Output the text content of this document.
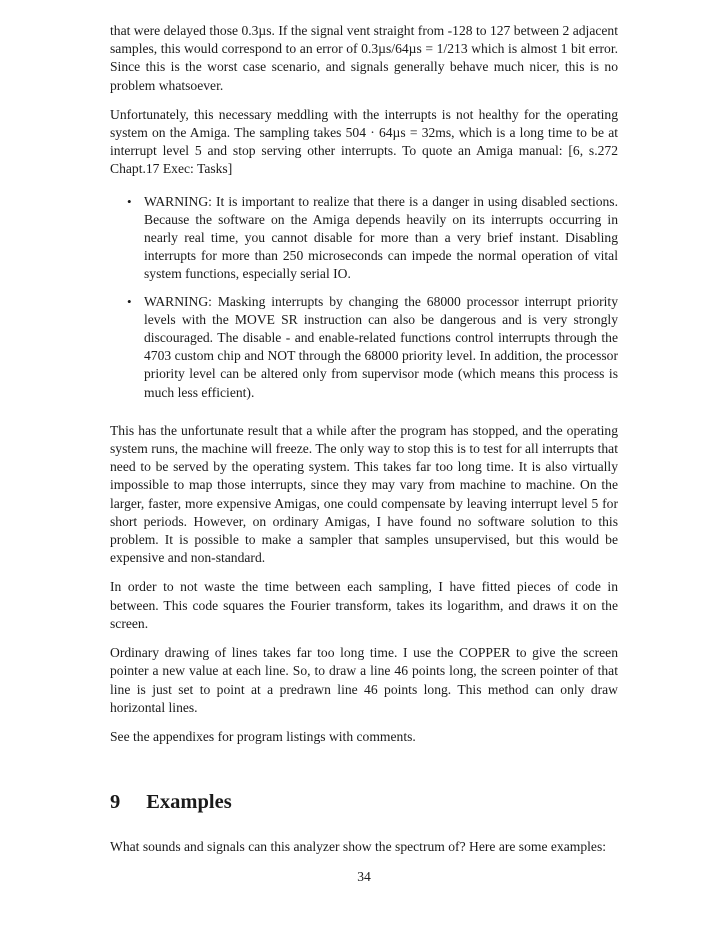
that were delayed those 0.3µs. If the signal vent straight from -128 to 127 between 2 adjacent samples, this would correspond to an error of 0.3µs/64µs = 1/213 which is almost 1 bit error. Since this is the worst case scenario, and signals generally behave much nicer, this is no problem whatsoever.

Unfortunately, this necessary meddling with the interrupts is not healthy for the operating system on the Amiga. The sampling takes 504 · 64µs = 32ms, which is a long time to be at interrupt level 5 and stop serving other interrupts. To quote an Amiga manual: [6, s.272 Chapt.17 Exec: Tasks]

• WARNING: It is important to realize that there is a danger in using disabled sections. Because the software on the Amiga depends heavily on its interrupts occurring in nearly real time, you cannot disable for more than a very brief instant. Disabling interrupts for more than 250 microseconds can impede the normal operation of vital system functions, especially serial IO.
• WARNING: Masking interrupts by changing the 68000 processor interrupt priority levels with the MOVE SR instruction can also be dangerous and is very strongly discouraged. The disable - and enable-related functions control interrupts through the 4703 custom chip and NOT through the 68000 priority level. In addition, the processor priority level can be altered only from supervisor mode (which means this process is much less efficient).

This has the unfortunate result that a while after the program has stopped, and the operating system runs, the machine will freeze. The only way to stop this is to test for all interrupts that need to be served by the operating system. This takes far too long time. It is also virtually impossible to map those interrupts, since they may vary from machine to machine. On the larger, faster, more expensive Amigas, one could compensate by leaving interrupt level 5 for short periods. However, on ordinary Amigas, I have found no software solution to this problem. It is possible to make a sampler that samples unsupervised, but this would be expensive and non-standard.

In order to not waste the time between each sampling, I have fitted pieces of code in between. This code squares the Fourier transform, takes its logarithm, and draws it on the screen.

Ordinary drawing of lines takes far too long time. I use the COPPER to give the screen pointer a new value at each line. So, to draw a line 46 points long, the screen pointer of that line is just set to point at a predrawn line 46 points long. This method can only draw horizontal lines.

See the appendixes for program listings with comments.

9 Examples

What sounds and signals can this analyzer show the spectrum of? Here are some examples:

34
